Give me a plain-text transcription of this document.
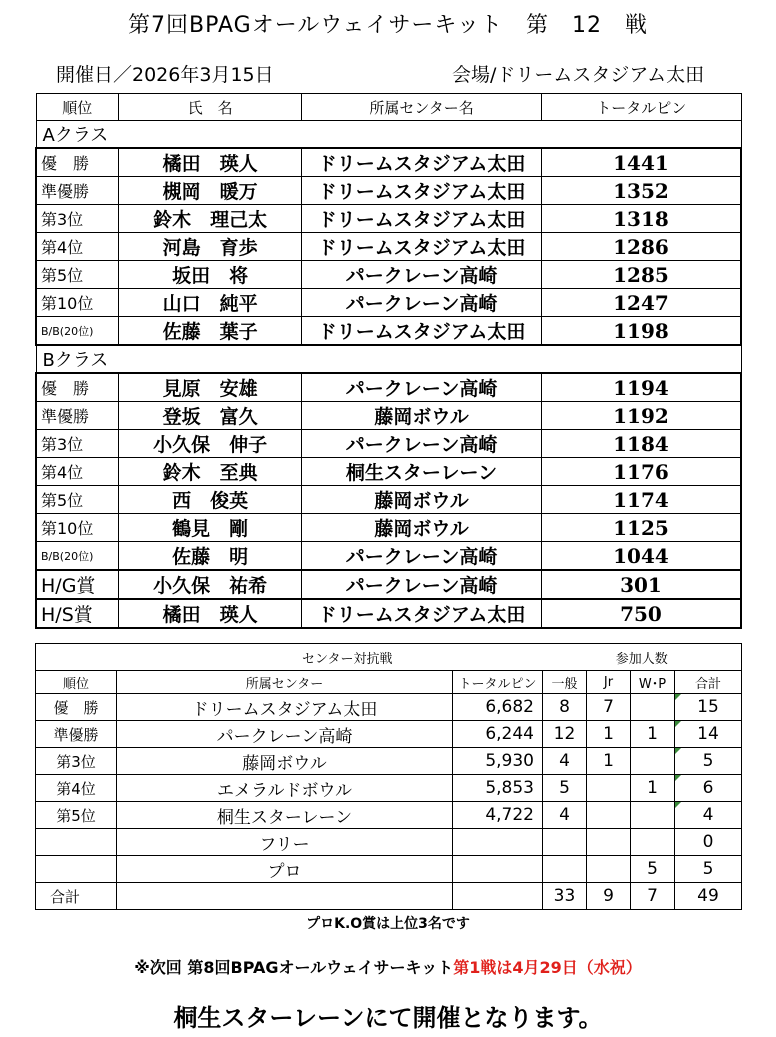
第7回BPAGオールウェイサーキット　第　12　戦
開催日／2026年3月15日	会場/ドリームスタジアム太田
順位	氏　名	所属センター名	トータルピン
Aクラス			
優　勝	橘田　瑛人	ドリームスタジアム太田	1441
準優勝	槻岡　暖万	ドリームスタジアム太田	1352
第3位	鈴木　理己太	ドリームスタジアム太田	1318
第4位	河島　育歩	ドリームスタジアム太田	1286
第5位	坂田　将	パークレーン高崎	1285
第10位	山口　純平	パークレーン高崎	1247
B/B(20位)	佐藤　葉子	ドリームスタジアム太田	1198
Bクラス			
優　勝	見原　安雄	パークレーン高崎	1194
準優勝	登坂　富久	藤岡ボウル	1192
第3位	小久保　伸子	パークレーン高崎	1184
第4位	鈴木　至典	桐生スターレーン	1176
第5位	西　俊英	藤岡ボウル	1174
第10位	鶴見　剛	藤岡ボウル	1125
B/B(20位)	佐藤　明	パークレーン高崎	1044
H/G賞	小久保　祐希	パークレーン高崎	301
H/S賞	橘田　瑛人	ドリームスタジアム太田	750
	センター対抗戦		参加人数			
順位	所属センター	トータルピン	一般	Jr	W･P	合計
優　勝	ドリームスタジアム太田	6,682	8	7		15
準優勝	パークレーン高崎	6,244	12	1	1	14
第3位	藤岡ボウル	5,930	4	1		5
第4位	エメラルドボウル	5,853	5		1	6
第5位	桐生スターレーン	4,722	4			4
	フリー					0
	プロ				5	5
合計			33	9	7	49
プロK.O賞は上位3名です
※次回 第8回BPAGオールウェイサーキット第1戦は4月29日（水祝）
桐生スターレーンにて開催となります。
